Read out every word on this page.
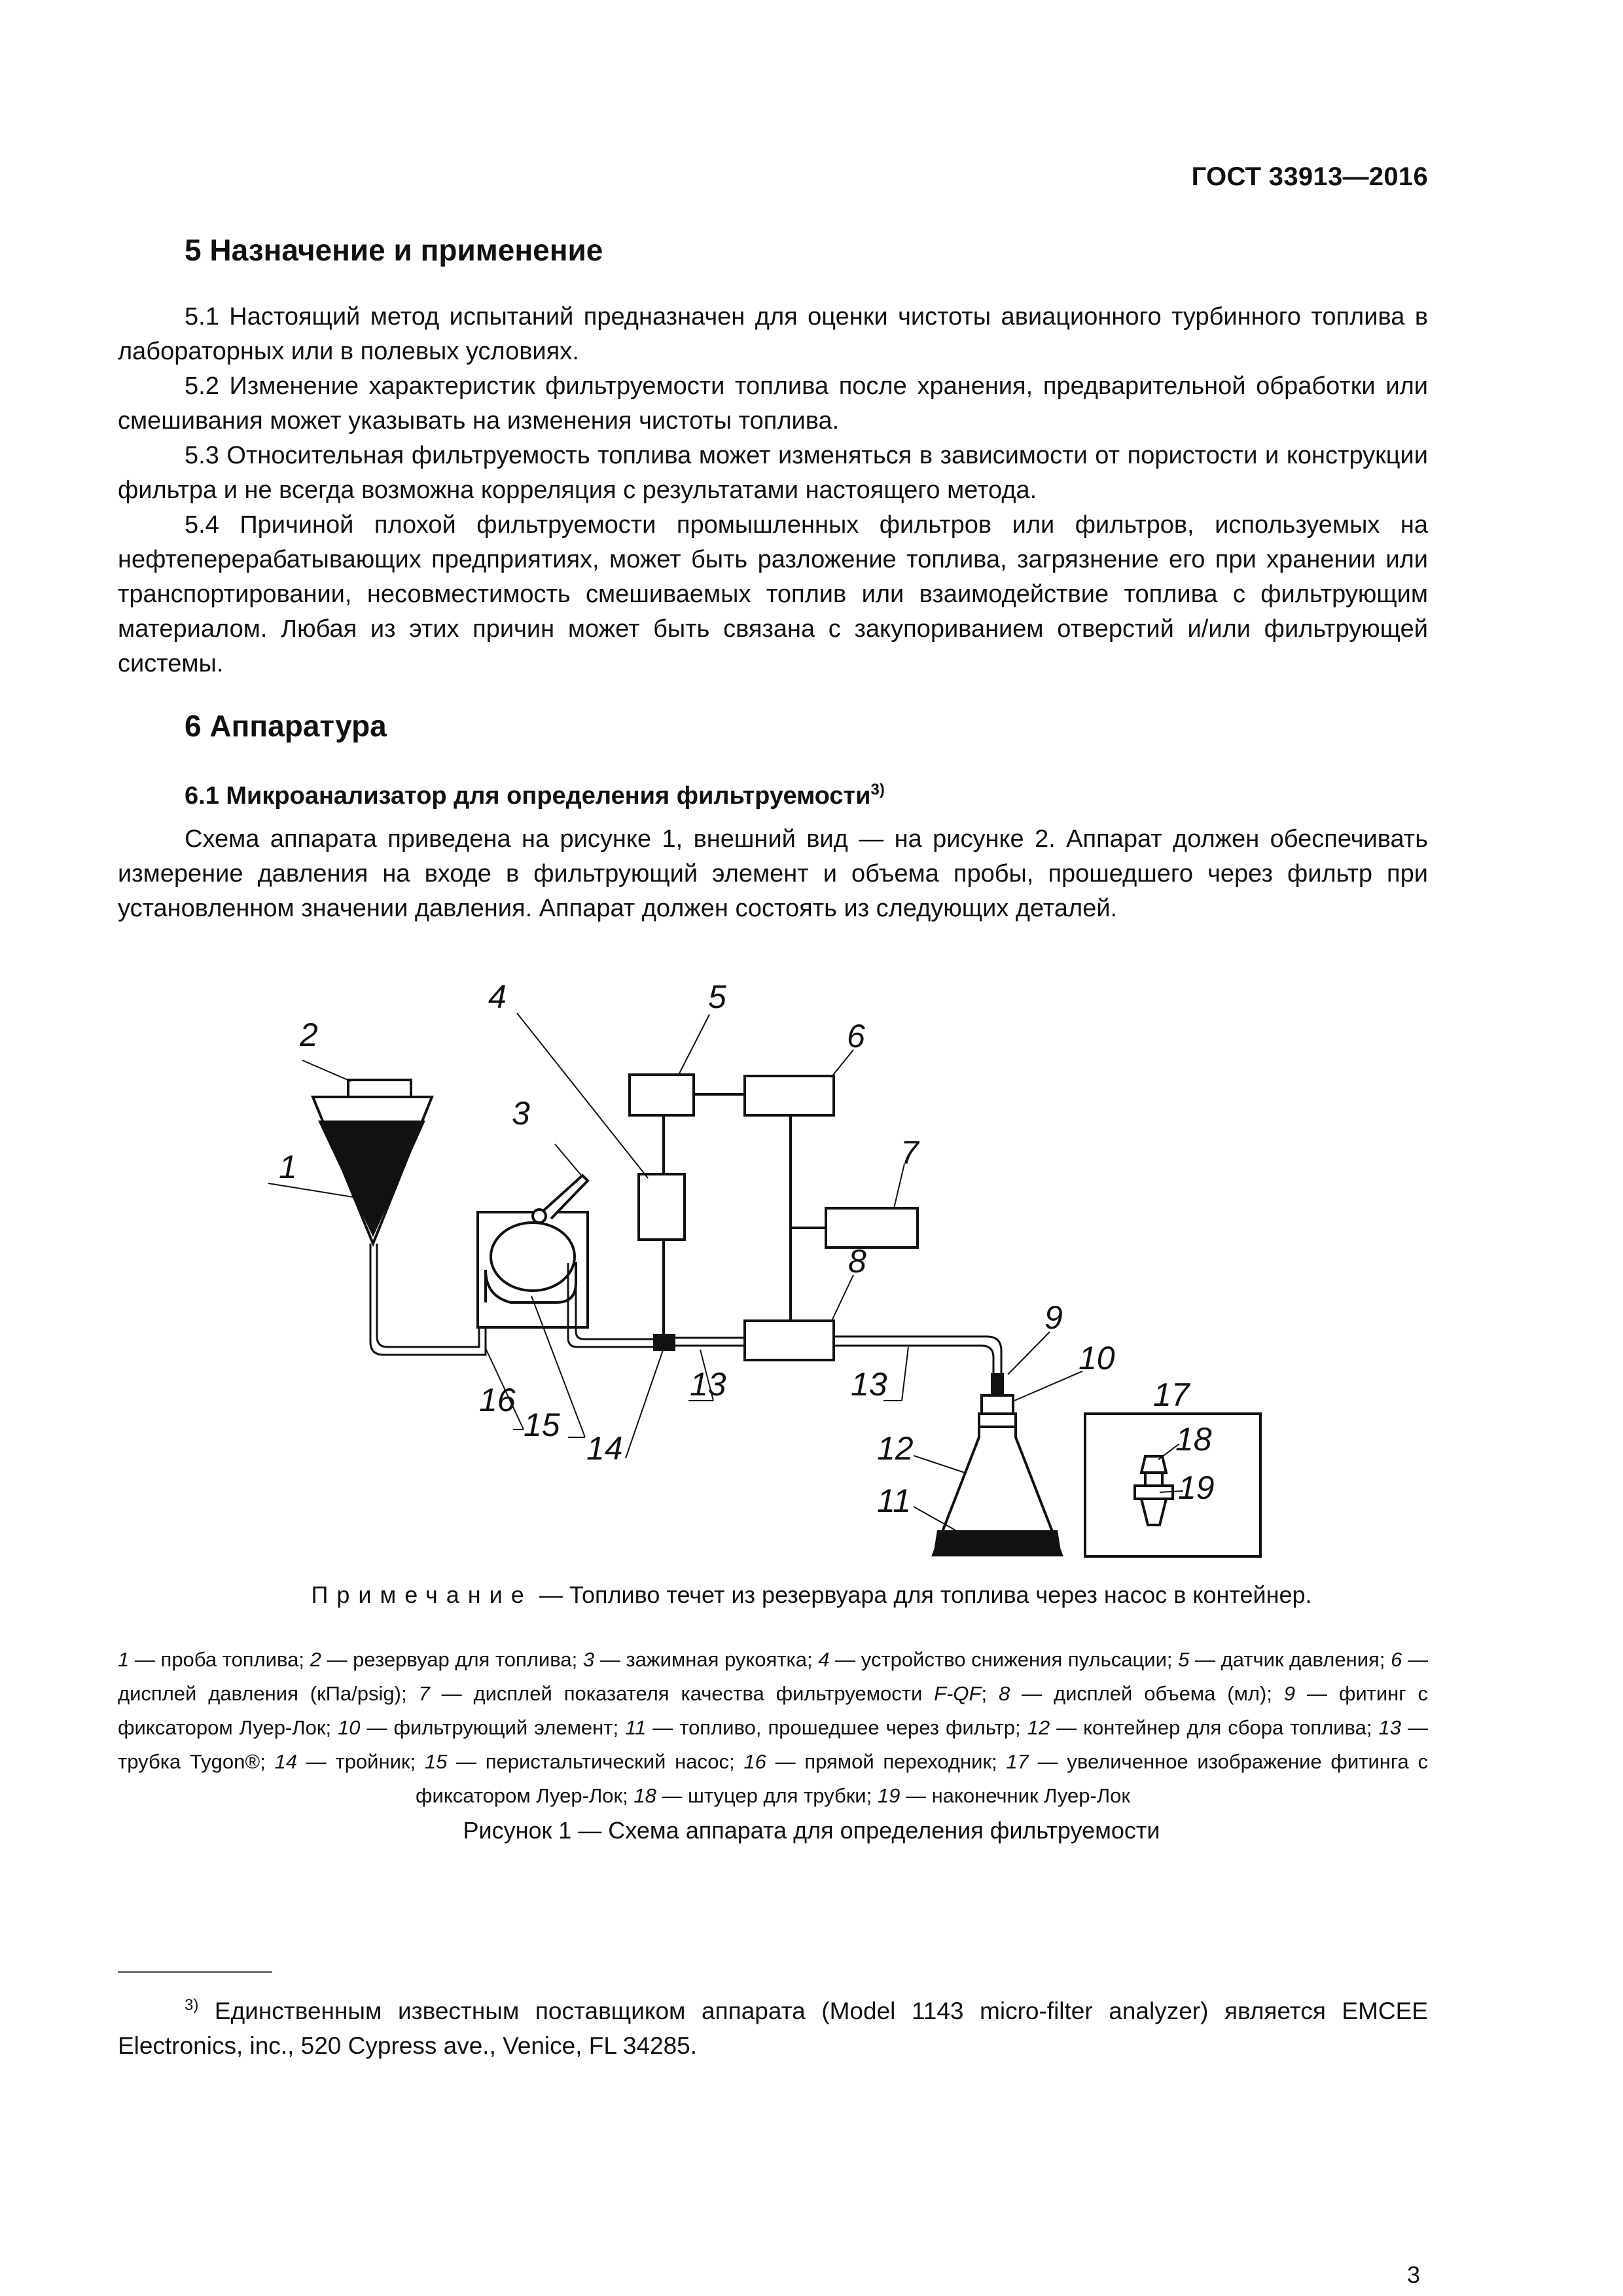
ГОСТ 33913—2016
5 Назначение и применение

5.1 Настоящий метод испытаний предназначен для оценки чистоты авиационного турбинного топлива в лабораторных или в полевых условиях.

5.2 Изменение характеристик фильтруемости топлива после хранения, предварительной обработки или смешивания может указывать на изменения чистоты топлива.

5.3 Относительная фильтруемость топлива может изменяться в зависимости от пористости и конструкции фильтра и не всегда возможна корреляция с результатами настоящего метода.

5.4 Причиной плохой фильтруемости промышленных фильтров или фильтров, используемых на нефтеперерабатывающих предприятиях, может быть разложение топлива, загрязнение его при хранении или транспортировании, несовместимость смешиваемых топлив или взаимодействие топлива с фильтрующим материалом. Любая из этих причин может быть связана с закупориванием отверстий и/или фильтрующей системы.

6 Аппаратура
6.1 Микроанализатор для определения фильтруемости$^{3)}$

Схема аппарата приведена на рисунке 1, внешний вид — на рисунке 2. Аппарат должен обеспечивать измерение давления на входе в фильтрующий элемент и объема пробы, прошедшего через фильтр при установленном значении давления. Аппарат должен состоять из следующих деталей.

2
3
1
4	5
6
7
8
9
10
11
12
13	13
14
15
16	17
18
19
Примечание — Топливо течет из резервуара для топлива через насос в контейнер.
1 — проба топлива; 2 — резервуар для топлива; 3 — зажимная рукоятка; 4 — устройство снижения пульсации; 5 — датчик давления; 6 — дисплей давления (кПа/psig); 7 — дисплей показателя качества фильтруемости F-QF; 8 — дисплей объема (мл); 9 — фитинг с фиксатором Луер-Лок; 10 — фильтрующий элемент; 11 — топливо, прошедшее через фильтр; 12 — контейнер для сбора топлива; 13 — трубка Tygon®; 14 — тройник; 15 — перистальтический насос; 16 — прямой переходник; 17 — увеличенное изображение фитинга с фиксатором Луер-Лок; 18 — штуцер для трубки; 19 — наконечник Луер-Лок
Рисунок 1 — Схема аппарата для определения фильтруемости

$^{3)}$ Единственным известным поставщиком аппарата (Model 1143 micro-filter analyzer) является EMCEE Electronics, inc., 520 Cypress ave., Venice, FL 34285.

3
